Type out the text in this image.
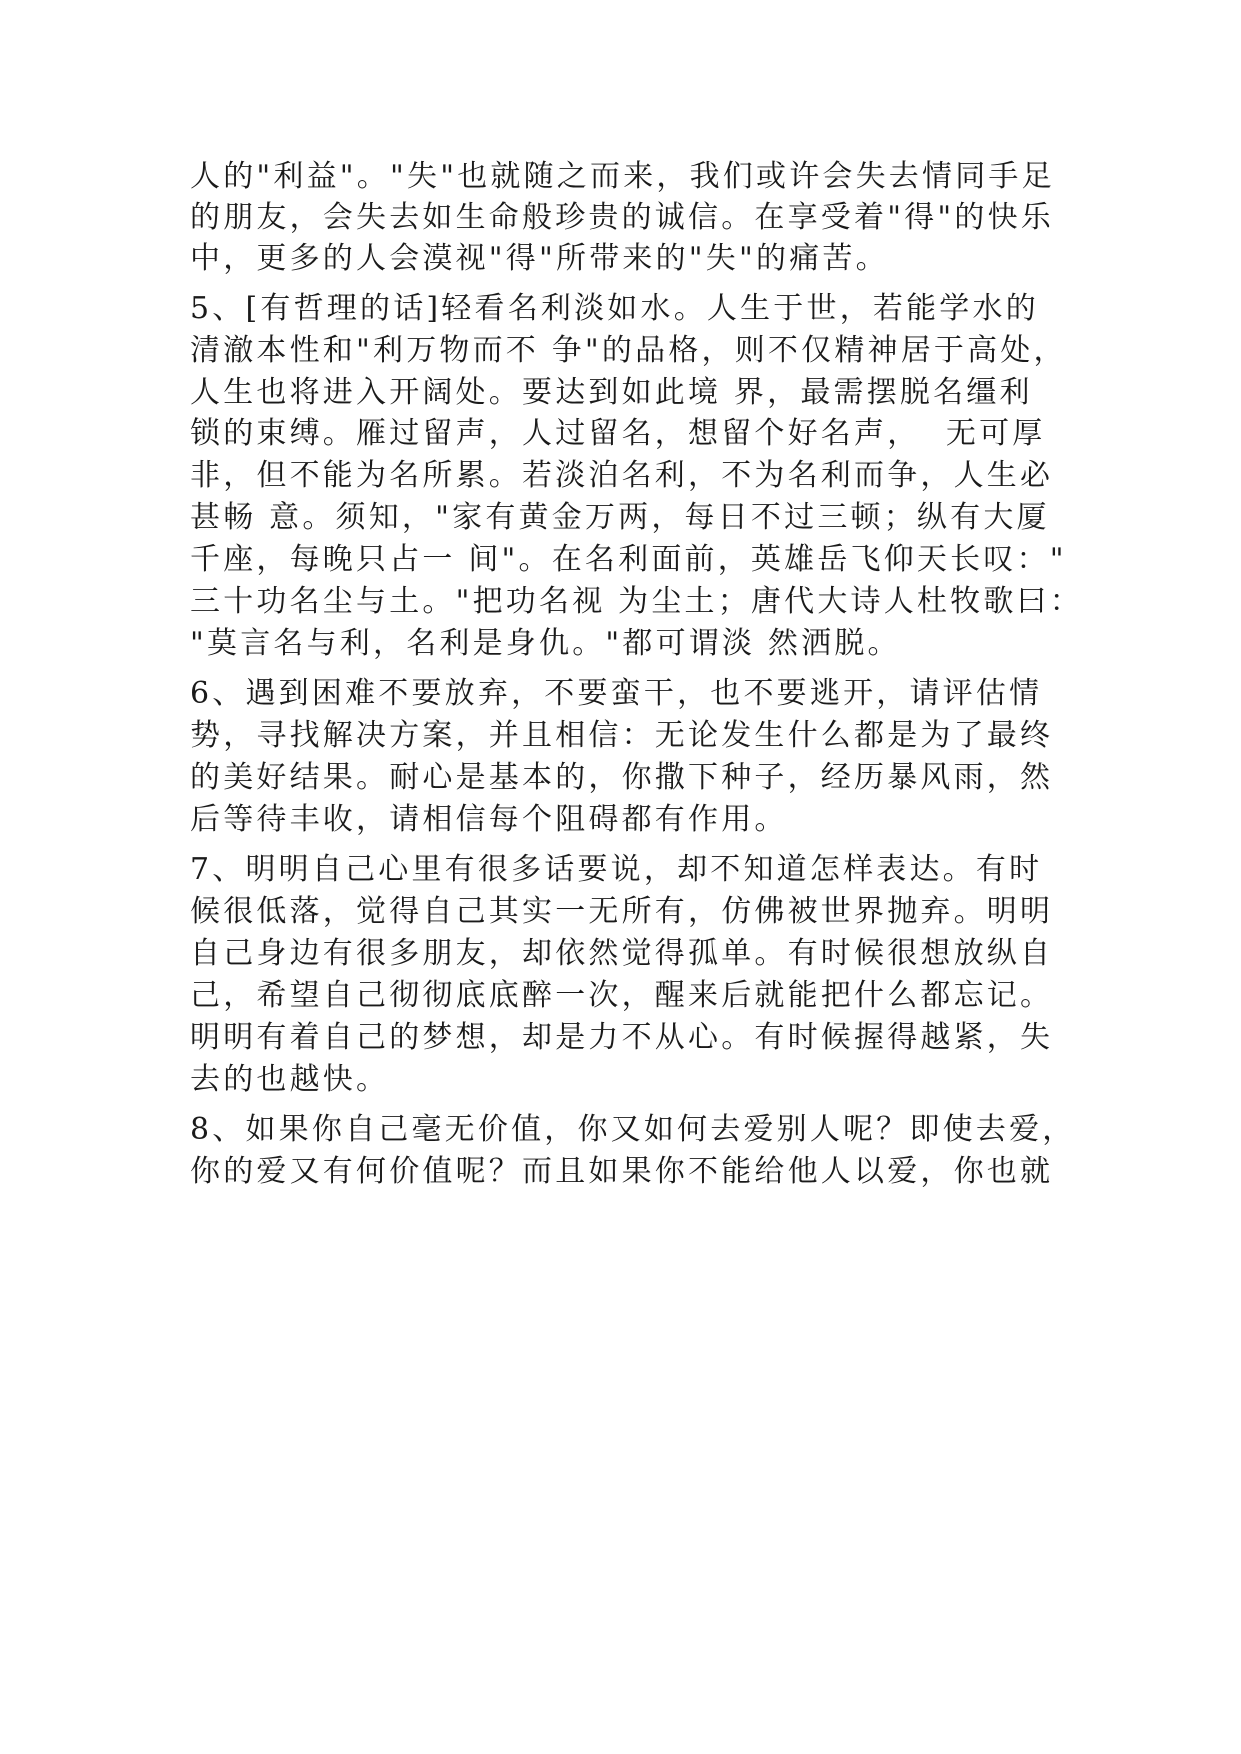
人的"利益"。"失"也就随之而来，我们或许会失去情同手足
的朋友，会失去如生命般珍贵的诚信。在享受着"得"的快乐
中，更多的人会漠视"得"所带来的"失"的痛苦。
5、[有哲理的话]轻看名利淡如水。人生于世，若能学水的
清澈本性和"利万物而不 争"的品格，则不仅精神居于高处，
人生也将进入开阔处。要达到如此境 界，最需摆脱名缰利
锁的束缚。雁过留声，人过留名，想留个好名声，  无可厚
非，但不能为名所累。若淡泊名利，不为名利而争，人生必
甚畅 意。须知，"家有黄金万两，每日不过三顿；纵有大厦
千座，每晚只占一 间"。在名利面前，英雄岳飞仰天长叹："
三十功名尘与土。"把功名视 为尘土；唐代大诗人杜牧歌曰：
"莫言名与利，名利是身仇。"都可谓淡 然洒脱。
6、遇到困难不要放弃，不要蛮干，也不要逃开，请评估情
势，寻找解决方案，并且相信：无论发生什么都是为了最终
的美好结果。耐心是基本的，你撒下种子，经历暴风雨，然
后等待丰收，请相信每个阻碍都有作用。
7、明明自己心里有很多话要说，却不知道怎样表达。有时
候很低落，觉得自己其实一无所有，仿佛被世界抛弃。明明
自己身边有很多朋友，却依然觉得孤单。有时候很想放纵自
己，希望自己彻彻底底醉一次，醒来后就能把什么都忘记。
明明有着自己的梦想，却是力不从心。有时候握得越紧，失
去的也越快。
8、如果你自己毫无价值，你又如何去爱别人呢？即使去爱，
你的爱又有何价值呢？而且如果你不能给他人以爱，你也就
